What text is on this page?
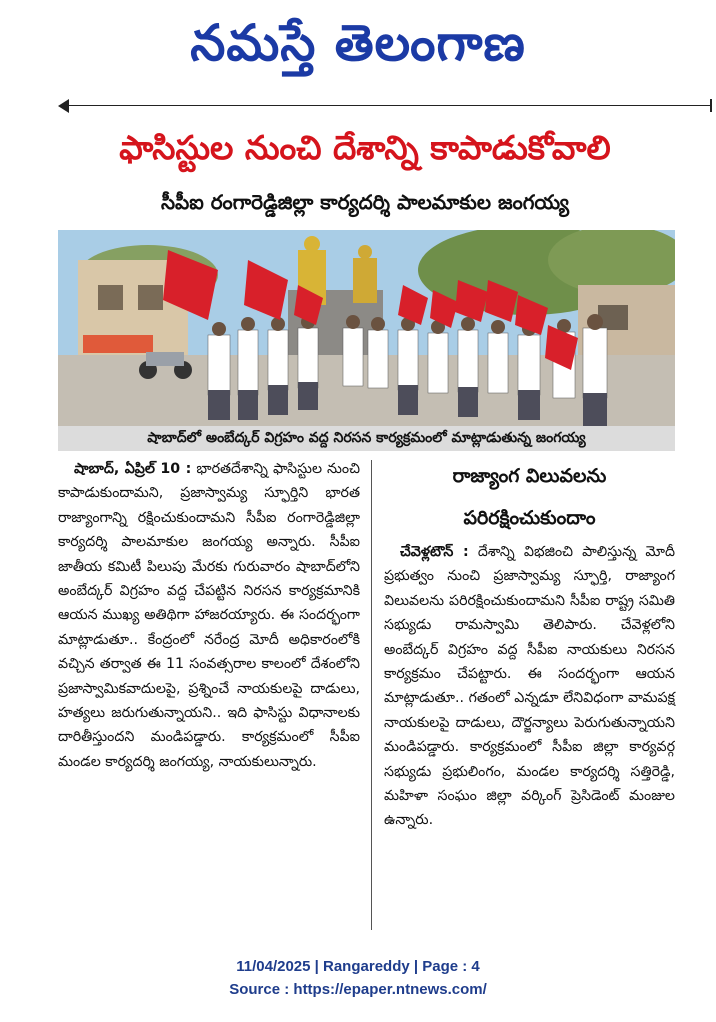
నమస్తే తెలంగాణ
ఫాసిస్టుల నుంచి దేశాన్ని కాపాడుకోవాలి
సీపీఐ రంగారెడ్డిజిల్లా కార్యదర్శి పాలమాకుల జంగయ్య
షాబాద్‌లో అంబేద్కర్‌ విగ్రహం వద్ద నిరసన కార్యక్రమంలో మాట్లాడుతున్న జంగయ్య

షాబాద్‌, ఏప్రిల్‌ 10 : భారతదేశాన్ని ఫాసిస్టుల నుంచి కాపాడుకుందామని, ప్రజాస్వామ్య స్ఫూర్తిని భారత రాజ్యాంగాన్ని రక్షించుకుందామని సీపీఐ రంగారెడ్డిజిల్లా కార్యదర్శి పాలమాకుల జంగయ్య అన్నారు. సీపీఐ జాతీయ కమిటీ పిలుపు మేరకు గురువారం షాబాద్‌లోని అంబేద్కర్‌ విగ్రహం వద్ద చేపట్టిన నిరసన కార్యక్రమానికి ఆయన ముఖ్య అతిథిగా హాజరయ్యారు. ఈ సందర్భంగా మాట్లాడుతూ.. కేంద్రంలో నరేంద్ర మోదీ అధికారంలోకి వచ్చిన తర్వాత ఈ 11 సంవత్సరాల కాలంలో దేశంలోని ప్రజాస్వామికవాదులపై, ప్రశ్నించే నాయకులపై దాడులు, హత్యలు జరుగుతున్నాయని.. ఇది ఫాసిస్టు విధానాలకు దారితీస్తుందని మండిపడ్డారు. కార్యక్రమంలో సీపీఐ మండల కార్యదర్శి జంగయ్య, నాయకులున్నారు.

రాజ్యాంగ విలువలను
పరిరక్షించుకుందాం

చేవెళ్లటౌన్‌ : దేశాన్ని విభజించి పాలిస్తున్న మోదీ ప్రభుత్వం నుంచి ప్రజాస్వామ్య స్ఫూర్తి, రాజ్యాంగ విలువలను పరిరక్షించుకుందామని సీపీఐ రాష్ట్ర సమితి సభ్యుడు రామస్వామి తెలిపారు. చేవెళ్లలోని అంబేద్కర్‌ విగ్రహం వద్ద సీపీఐ నాయకులు నిరసన కార్యక్రమం చేపట్టారు. ఈ సందర్భంగా ఆయన మాట్లాడుతూ.. గతంలో ఎన్నడూ లేనివిధంగా వామపక్ష నాయకులపై దాడులు, దౌర్జన్యాలు పెరుగుతున్నాయని మండిపడ్డారు. కార్యక్రమంలో సీపీఐ జిల్లా కార్యవర్గ సభ్యుడు ప్రభులింగం, మండల కార్యదర్శి సత్తిరెడ్డి, మహిళా సంఘం జిల్లా వర్కింగ్‌ ప్రెసిడెంట్‌ మంజుల ఉన్నారు.

11/04/2025 | Rangareddy | Page : 4
Source : https://epaper.ntnews.com/
